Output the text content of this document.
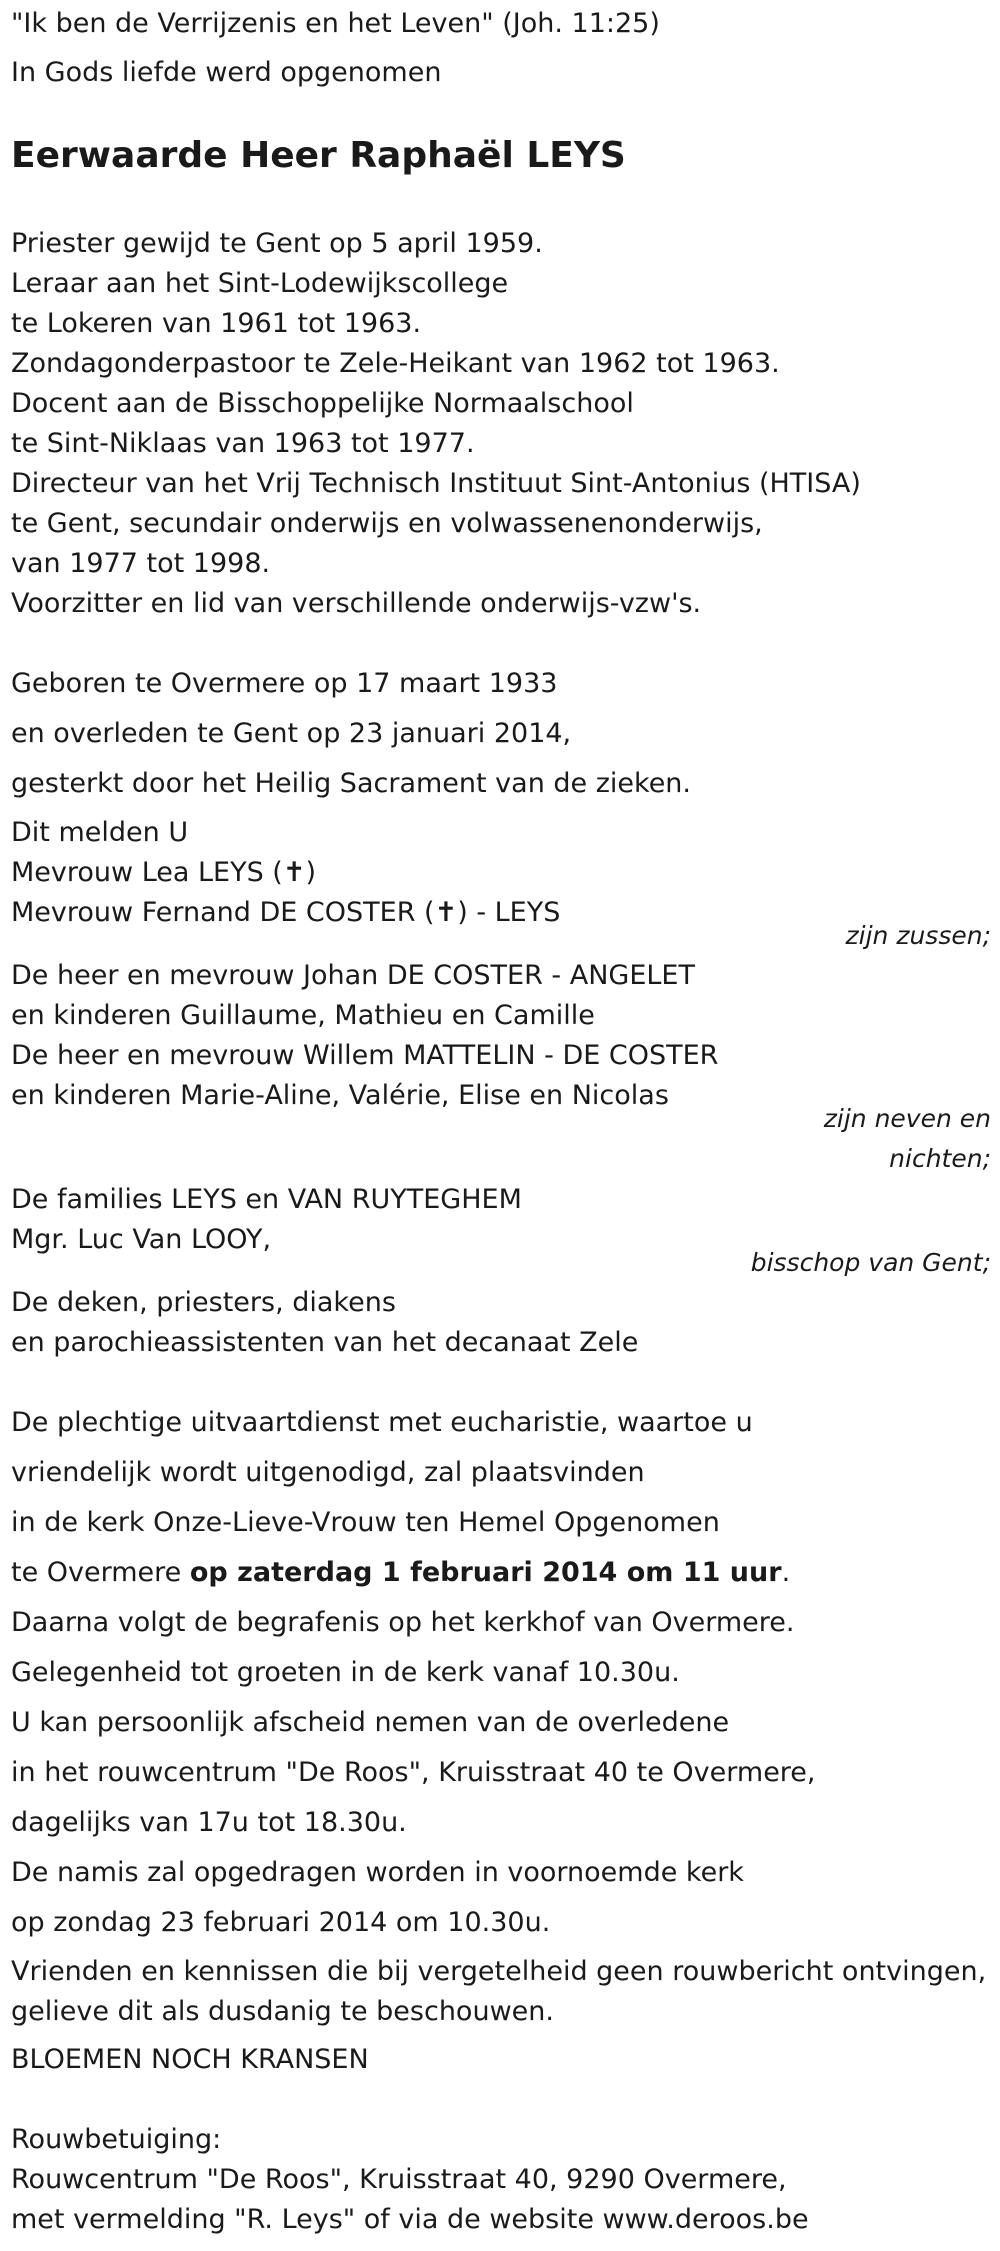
"Ik ben de Verrijzenis en het Leven" (Joh. 11:25)
In Gods liefde werd opgenomen
Eerwaarde Heer Raphaël LEYS
Priester gewijd te Gent op 5 april 1959.
Leraar aan het Sint-Lodewijkscollege
te Lokeren van 1961 tot 1963.
Zondagonderpastoor te Zele-Heikant van 1962 tot 1963.
Docent aan de Bisschoppelijke Normaalschool
te Sint-Niklaas van 1963 tot 1977.
Directeur van het Vrij Technisch Instituut Sint-Antonius (HTISA)
te Gent, secundair onderwijs en volwassenenonderwijs,
van 1977 tot 1998.
Voorzitter en lid van verschillende onderwijs-vzw's.
Geboren te Overmere op 17 maart 1933
en overleden te Gent op 23 januari 2014,
gesterkt door het Heilig Sacrament van de zieken.
Dit melden U
Mevrouw Lea LEYS (✝)
Mevrouw Fernand DE COSTER (✝) - LEYS
zijn zussen;
De heer en mevrouw Johan DE COSTER - ANGELET
en kinderen Guillaume, Mathieu en Camille
De heer en mevrouw Willem MATTELIN - DE COSTER
en kinderen Marie-Aline, Valérie, Elise en Nicolas
zijn neven en
nichten;
De families LEYS en VAN RUYTEGHEM
Mgr. Luc Van LOOY,
bisschop van Gent;
De deken, priesters, diakens
en parochieassistenten van het decanaat Zele
De plechtige uitvaartdienst met eucharistie, waartoe u
vriendelijk wordt uitgenodigd, zal plaatsvinden
in de kerk Onze-Lieve-Vrouw ten Hemel Opgenomen
te Overmere op zaterdag 1 februari 2014 om 11 uur.
Daarna volgt de begrafenis op het kerkhof van Overmere.
Gelegenheid tot groeten in de kerk vanaf 10.30u.
U kan persoonlijk afscheid nemen van de overledene
in het rouwcentrum "De Roos", Kruisstraat 40 te Overmere,
dagelijks van 17u tot 18.30u.
De namis zal opgedragen worden in voornoemde kerk
op zondag 23 februari 2014 om 10.30u.
Vrienden en kennissen die bij vergetelheid geen rouwbericht ontvingen,
gelieve dit als dusdanig te beschouwen.
BLOEMEN NOCH KRANSEN
Rouwbetuiging:
Rouwcentrum "De Roos", Kruisstraat 40, 9290 Overmere,
met vermelding "R. Leys" of via de website www.deroos.be
